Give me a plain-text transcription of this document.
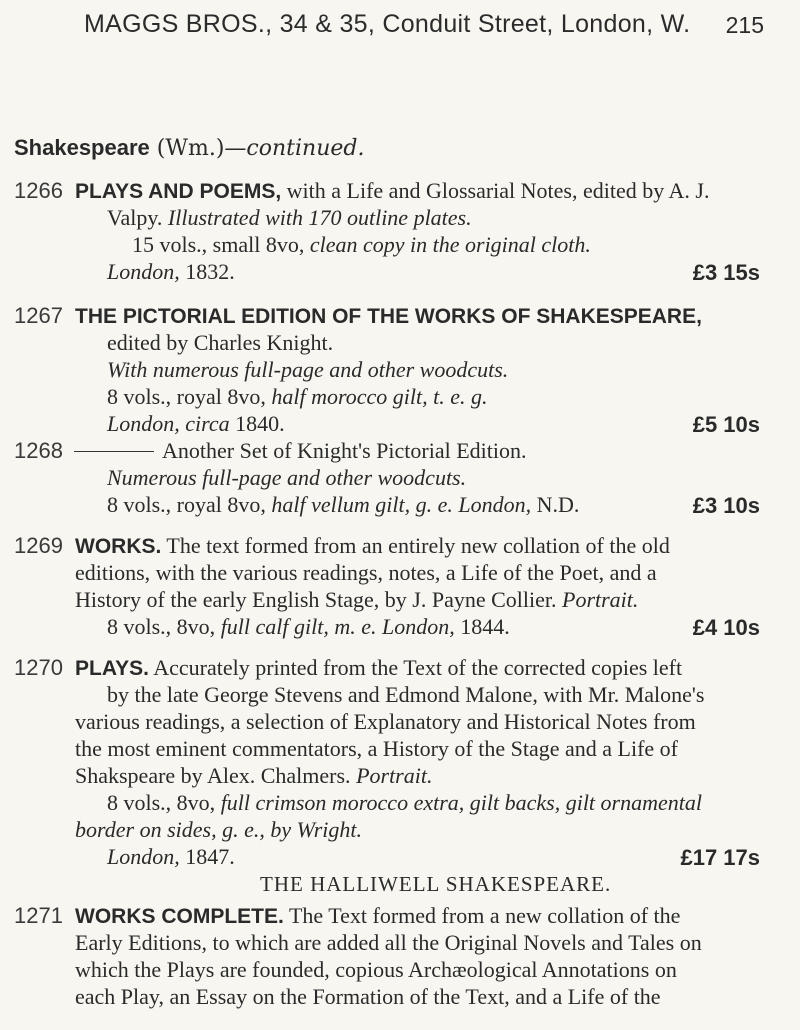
MAGGS BROS., 34 & 35, Conduit Street, London, W. 215
Shakespeare (Wm.)—continued.
1266 PLAYS AND POEMS, with a Life and Glossarial Notes, edited by A. J.
Valpy. Illustrated with 170 outline plates.
15 vols., small 8vo, clean copy in the original cloth.
London, 1832.	£3 15s
1267 THE PICTORIAL EDITION OF THE WORKS OF SHAKESPEARE,
edited by Charles Knight.
With numerous full-page and other woodcuts.
8 vols., royal 8vo, half morocco gilt, t. e. g.
London, circa 1840.	£5 10s
1268	Another Set of Knight's Pictorial Edition.
Numerous full-page and other woodcuts.
8 vols., royal 8vo, half vellum gilt, g. e. London, N.D.	£3 10s
1269 WORKS. The text formed from an entirely new collation of the old
editions, with the various readings, notes, a Life of the Poet, and a
History of the early English Stage, by J. Payne Collier. Portrait.
8 vols., 8vo, full calf gilt, m. e. London, 1844.	£4 10s
1270 PLAYS. Accurately printed from the Text of the corrected copies left
by the late George Stevens and Edmond Malone, with Mr. Malone's
various readings, a selection of Explanatory and Historical Notes from
the most eminent commentators, a History of the Stage and a Life of
Shakspeare by Alex. Chalmers. Portrait.
8 vols., 8vo, full crimson morocco extra, gilt backs, gilt ornamental
border on sides, g. e., by Wright.
London, 1847.	£17 17s
THE HALLIWELL SHAKESPEARE.
1271 WORKS COMPLETE. The Text formed from a new collation of the
Early Editions, to which are added all the Original Novels and Tales on
which the Plays are founded, copious Archæological Annotations on
each Play, an Essay on the Formation of the Text, and a Life of the
